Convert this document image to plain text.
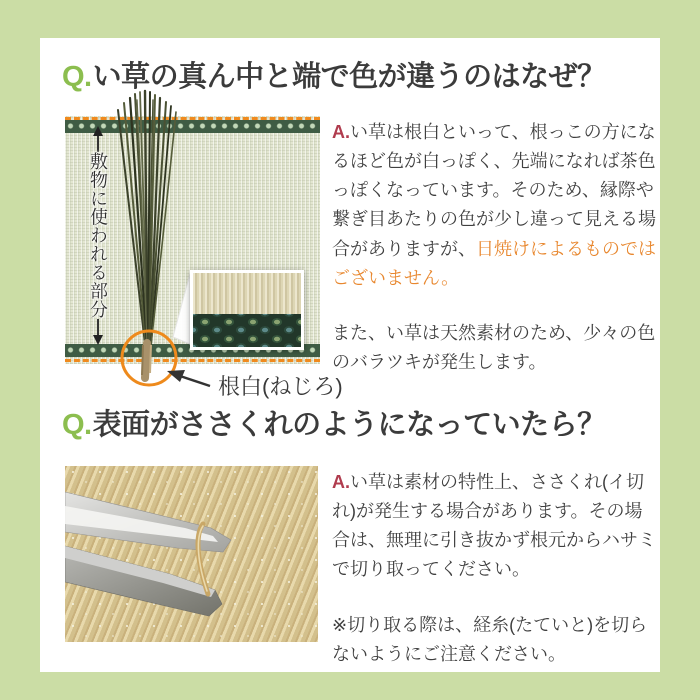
Q.い草の真ん中と端で色が違うのはなぜ？
敷物に使われる部分
根白(ねじろ)

A.い草は根白といって、根っこの方になるほど色が白っぽく、先端になれば茶色っぽくなっています。そのため、縁際や繋ぎ目あたりの色が少し違って見える場合がありますが、日焼けによるものではございません。

また、い草は天然素材のため、少々の色のバラツキが発生します。

Q.表面がささくれのようになっていたら？

A.い草は素材の特性上、ささくれ(イ切れ)が発生する場合があります。その場合は、無理に引き抜かず根元からハサミで切り取ってください。

※切り取る際は、経糸(たていと)を切らないようにご注意ください。
